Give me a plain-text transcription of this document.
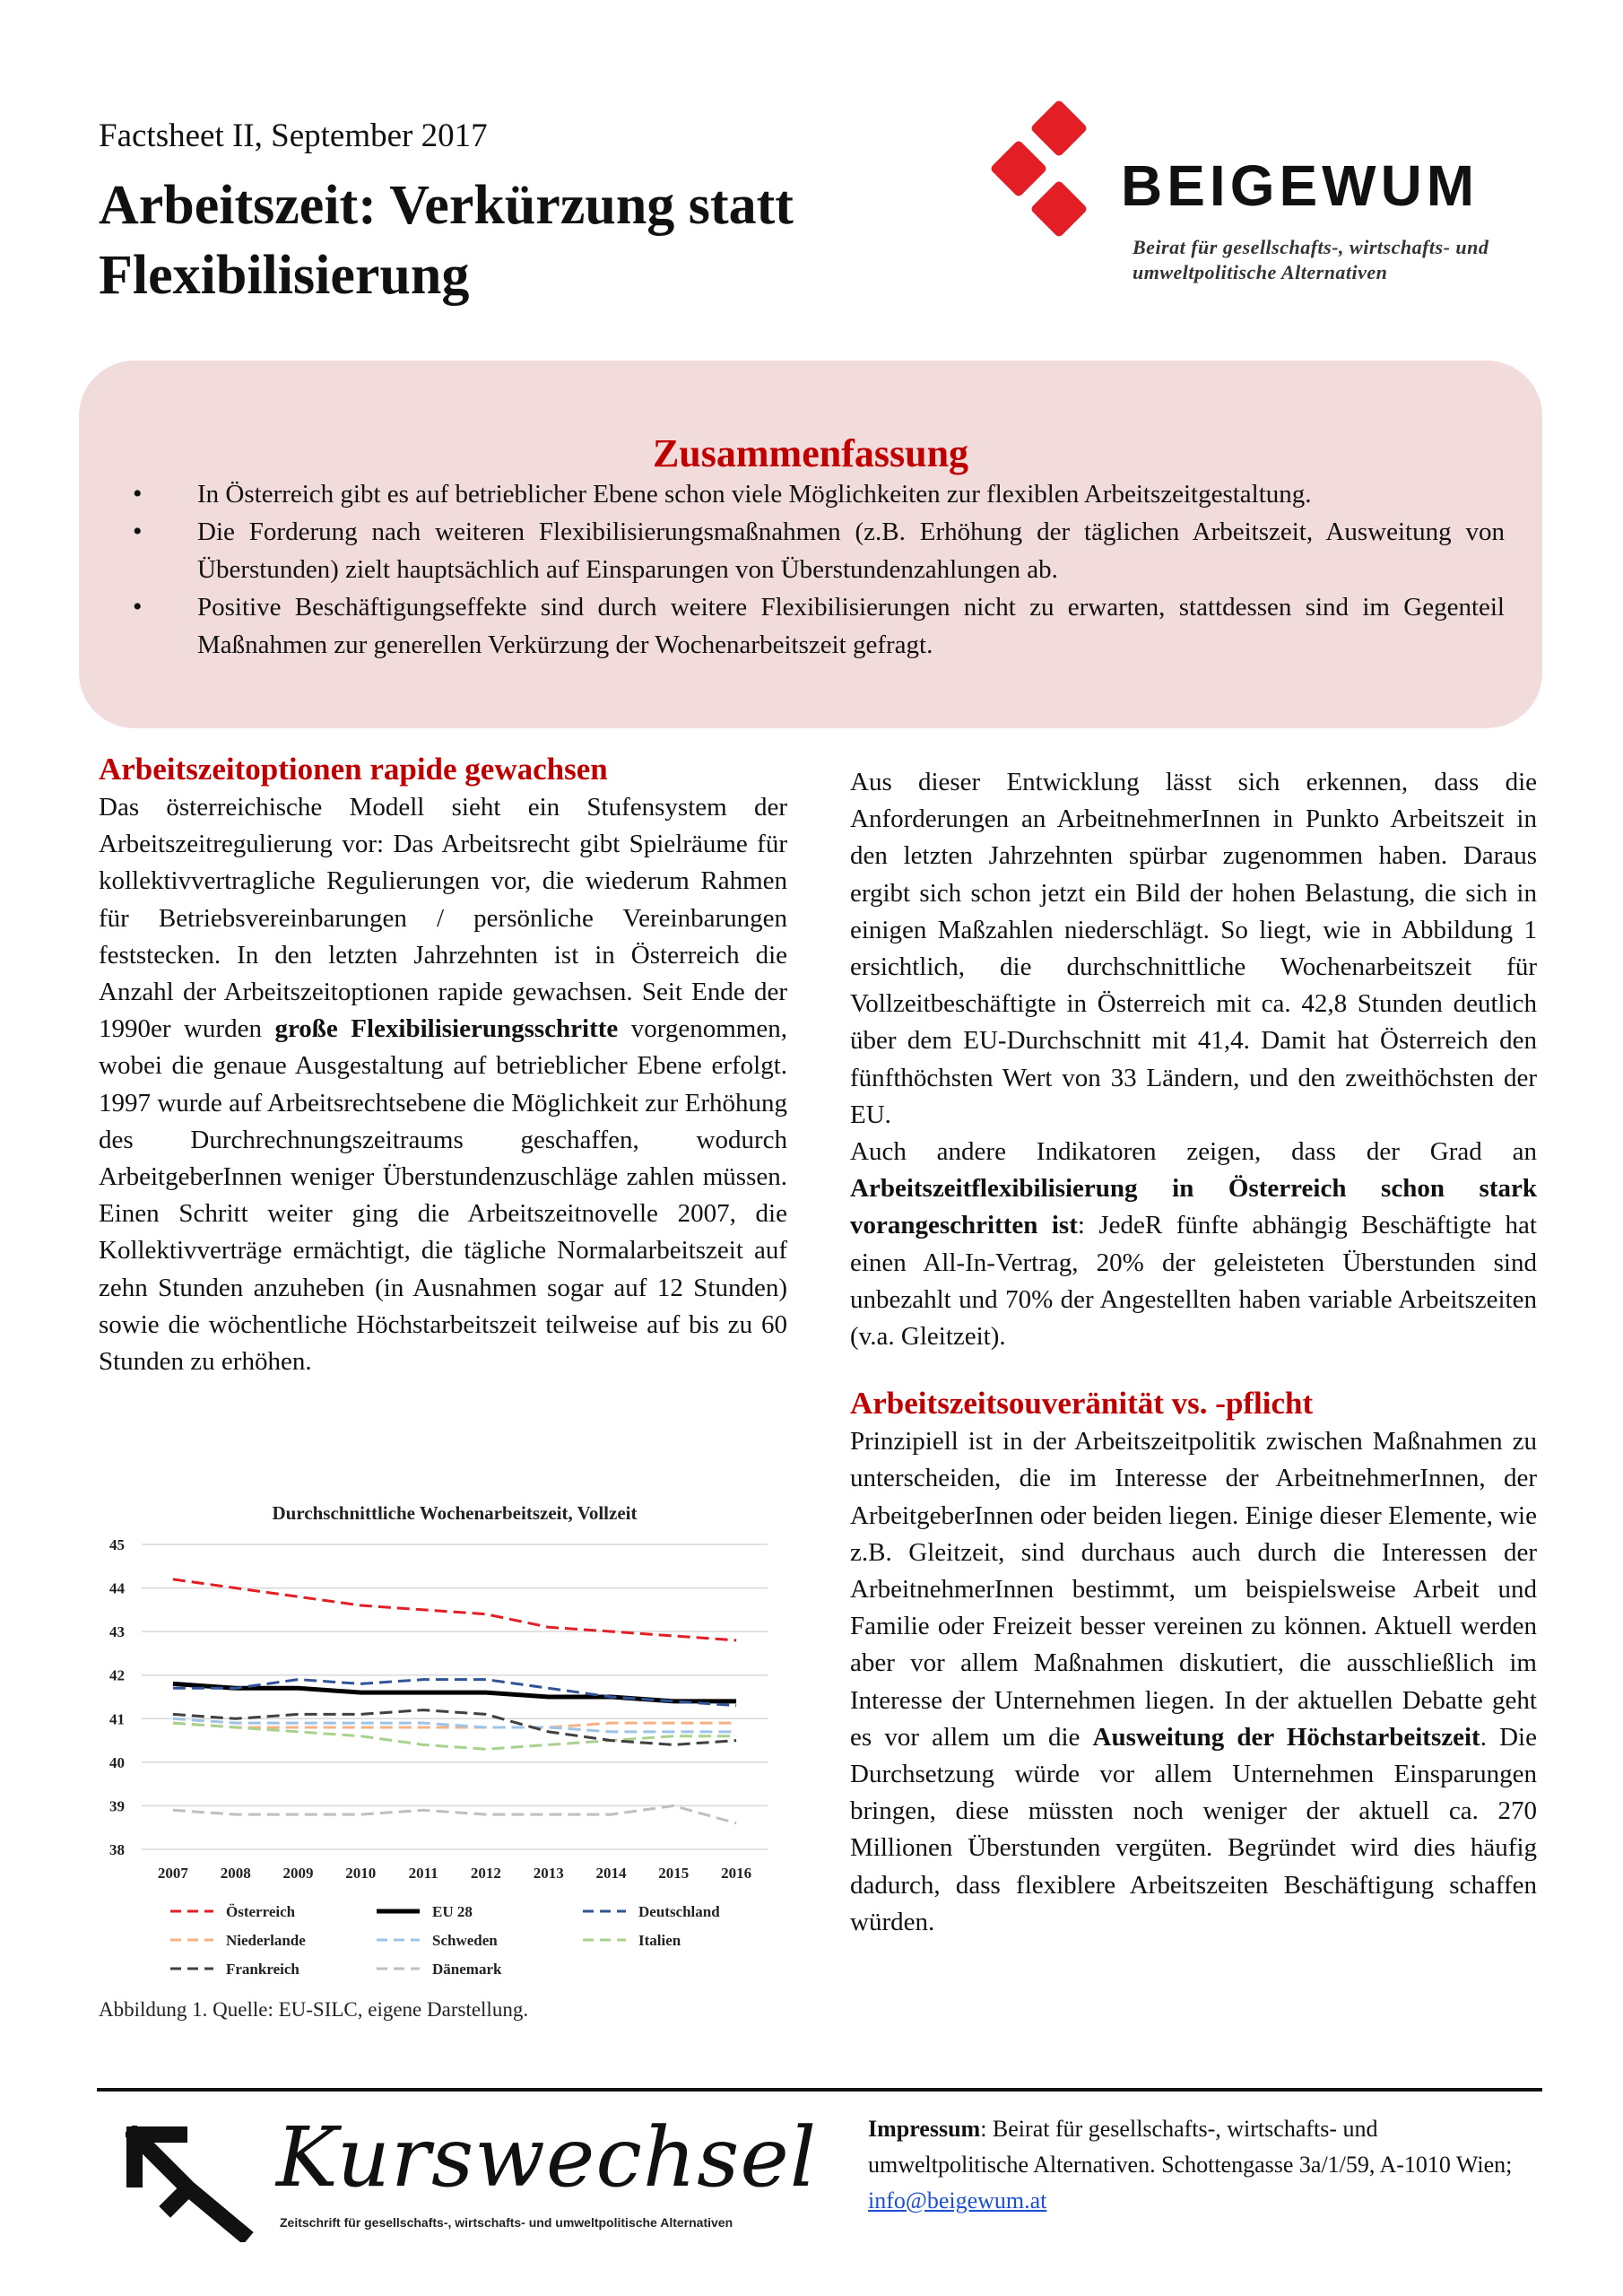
Factsheet II, September 2017
Arbeitszeit: Verkürzung statt
Flexibilisierung
BEIGEWUM
Beirat für gesellschafts-, wirtschafts- und
umweltpolitische Alternativen
Zusammenfassung
• In Österreich gibt es auf betrieblicher Ebene schon viele Möglichkeiten zur flexiblen Arbeitszeitgestaltung.
• Die Forderung nach weiteren Flexibilisierungsmaßnahmen (z.B. Erhöhung der täglichen Arbeitszeit, Ausweitung von Überstunden) zielt hauptsächlich auf Einsparungen von Überstundenzahlungen ab.
• Positive Beschäftigungseffekte sind durch weitere Flexibilisierungen nicht zu erwarten, stattdessen sind im Gegenteil Maßnahmen zur generellen Verkürzung der Wochenarbeitszeit gefragt.
Arbeitszeitoptionen rapide gewachsen
Das österreichische Modell sieht ein Stufensystem der Arbeitszeitregulierung vor: Das Arbeitsrecht gibt Spielräume für kollektivvertragliche Regulierungen vor, die wiederum Rahmen für Betriebsvereinbarungen / persönliche Vereinbarungen feststecken. In den letzten Jahrzehnten ist in Österreich die Anzahl der Arbeitszeitoptionen rapide gewachsen. Seit Ende der 1990er wurden große Flexibilisierungsschritte vorgenommen, wobei die genaue Ausgestaltung auf betrieblicher Ebene erfolgt. 1997 wurde auf Arbeitsrechtsebene die Möglichkeit zur Erhöhung des Durchrechnungszeitraums geschaffen, wodurch ArbeitgeberInnen weniger Überstundenzuschläge zahlen müssen. Einen Schritt weiter ging die Arbeitszeitnovelle 2007, die Kollektivverträge ermächtigt, die tägliche Normalarbeitszeit auf zehn Stunden anzuheben (in Ausnahmen sogar auf 12 Stunden) sowie die wöchentliche Höchstarbeitszeit teilweise auf bis zu 60 Stunden zu erhöhen.
Durchschnittliche Wochenarbeitszeit, Vollzeit
38
39
40
41
42
43
44
45
2007 2008 2009 2010 2011 2012 2013 2014 2015 2016
Österreich	EU 28	Deutschland
Niederlande	Schweden	Italien
Frankreich	Dänemark
Abbildung 1. Quelle: EU-SILC, eigene Darstellung.
Aus dieser Entwicklung lässt sich erkennen, dass die Anforderungen an ArbeitnehmerInnen in Punkto Arbeitszeit in den letzten Jahrzehnten spürbar zugenommen haben. Daraus ergibt sich schon jetzt ein Bild der hohen Belastung, die sich in einigen Maßzahlen niederschlägt. So liegt, wie in Abbildung 1 ersichtlich, die durchschnittliche Wochenarbeitszeit für Vollzeitbeschäftigte in Österreich mit ca. 42,8 Stunden deutlich über dem EU-Durchschnitt mit 41,4. Damit hat Österreich den fünfthöchsten Wert von 33 Ländern, und den zweithöchsten der EU.
Auch andere Indikatoren zeigen, dass der Grad an Arbeitszeitflexibilisierung in Österreich schon stark vorangeschritten ist: JedeR fünfte abhängig Beschäftigte hat einen All-In-Vertrag, 20% der geleisteten Überstunden sind unbezahlt und 70% der Angestellten haben variable Arbeitszeiten (v.a. Gleitzeit).
Arbeitszeitsouveränität vs. -pflicht
Prinzipiell ist in der Arbeitszeitpolitik zwischen Maßnahmen zu unterscheiden, die im Interesse der ArbeitnehmerInnen, der ArbeitgeberInnen oder beiden liegen. Einige dieser Elemente, wie z.B. Gleitzeit, sind durchaus auch durch die Interessen der ArbeitnehmerInnen bestimmt, um beispielsweise Arbeit und Familie oder Freizeit besser vereinen zu können. Aktuell werden aber vor allem Maßnahmen diskutiert, die ausschließlich im Interesse der Unternehmen liegen. In der aktuellen Debatte geht es vor allem um die Ausweitung der Höchstarbeitszeit. Die Durchsetzung würde vor allem Unternehmen Einsparungen bringen, diese müssten noch weniger der aktuell ca. 270 Millionen Überstunden vergüten. Begründet wird dies häufig dadurch, dass flexiblere Arbeitszeiten Beschäftigung schaffen würden.
Kurswechsel
Zeitschrift für gesellschafts-, wirtschafts- und umweltpolitische Alternativen
Impressum: Beirat für gesellschafts-, wirtschafts- und umweltpolitische Alternativen. Schottengasse 3a/1/59, A-1010 Wien; info@beigewum.at
